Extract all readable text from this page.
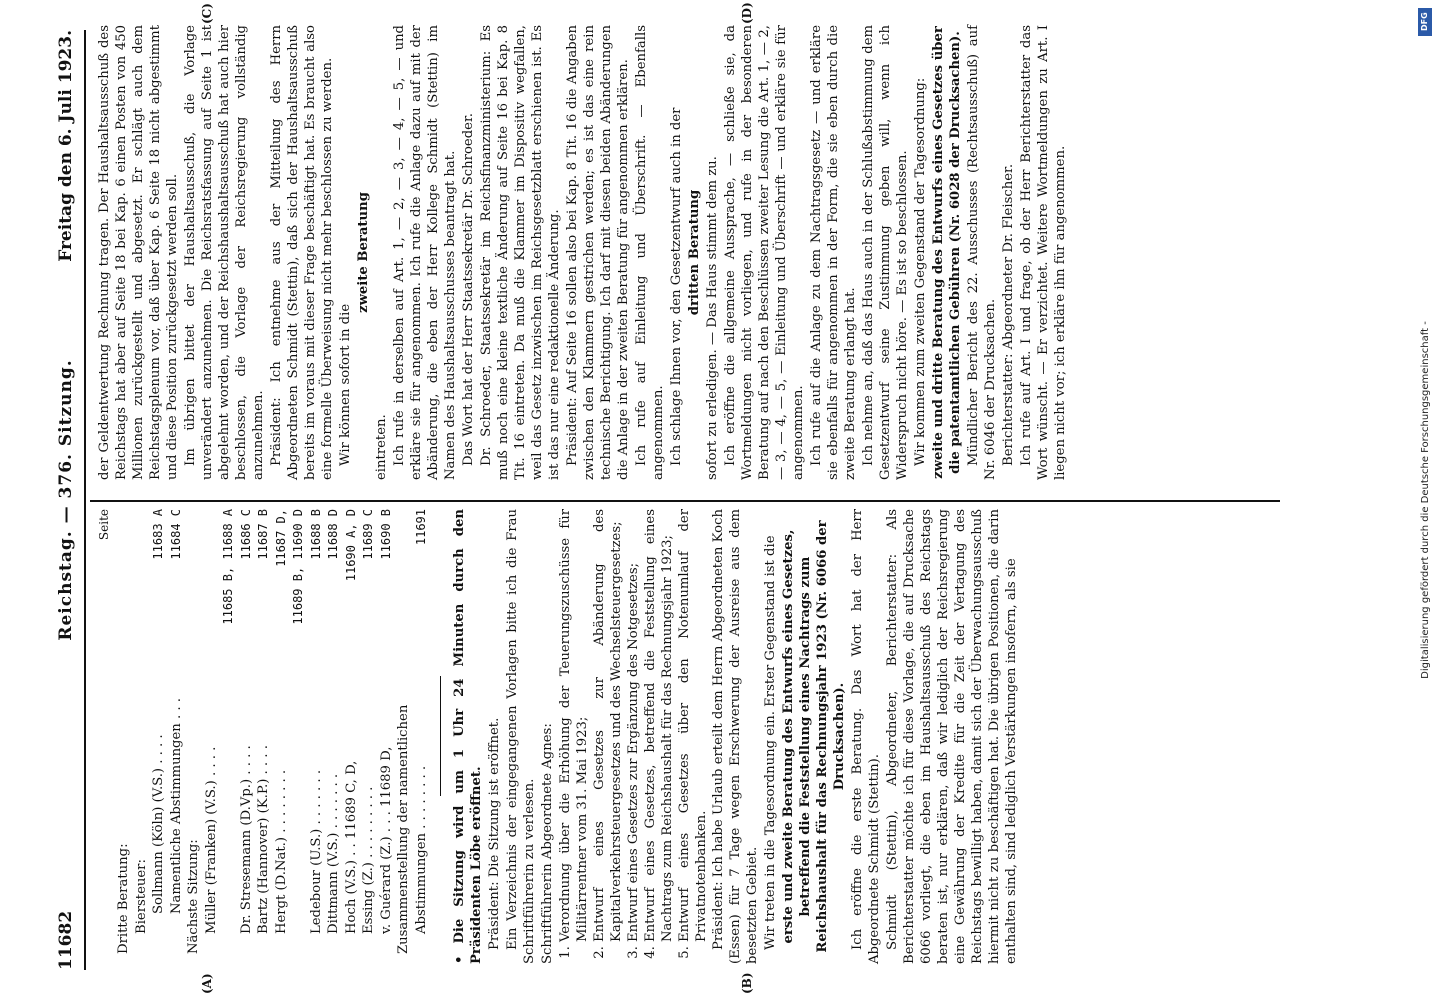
11682
Reichstag. — 376. Sitzung.
Freitag den 6. Juli 1923.
(A)	(B)
(C)	(D)
Seite
Dritte Beratung:	
Biersteuer:	
Sollmann (Köln) (V.S.) . . . .	11683 A
Namentliche Abstimmungen . . .	11684 C
Nächste Sitzung:	
Müller (Franken) (V.S.) . . . .	
	11685 B, 11688 A
Dr. Stresemann (D.Vp.) . . . .	11686 C
Bartz (Hannover) (K.P.) . . . .	11687 B
Hergt (D.Nat.) . . . . . . . .	11687 D,
	11689 B, 11690 D
Ledebour (U.S.) . . . . . . .	11688 B
Dittmann (V.S.) . . . . . . .	11688 D
Hoch (V.S.) . . 11689 C, D,	11690 A, D
Essing (Z.) . . . . . . . . .	11689 C
v. Guérard (Z.) . . . 11689 D,	11690 B
Zusammenstellung der namentlichen	
Abstimmungen . . . . . . . .	11691 • Die Sitzung wird um 1 Uhr 24 Minuten durch den Präsidenten Löbe eröffnet. Präsident: Die Sitzung ist eröffnet. Ein Verzeichnis der eingegangenen Vorlagen bitte ich die Frau Schriftführerin zu verlesen. Schriftführerin Abgeordnete Agnes: 1. Verordnung über die Erhöhung der Teuerungszuschüsse für Militärrentner vom 31. Mai 1923; 2. Entwurf eines Gesetzes zur Abänderung des Kapitalverkehrsteuergesetzes und des Wechselsteuergesetzes; 3. Entwurf eines Gesetzes zur Ergänzung des Notgesetzes; 4. Entwurf eines Gesetzes, betreffend die Feststellung eines Nachtrags zum Reichshaushalt für das Rechnungsjahr 1923; 5. Entwurf eines Gesetzes über den Notenumlauf der Privatnotenbanken. Präsident: Ich habe Urlaub erteilt dem Herrn Abgeordneten Koch (Essen) für 7 Tage wegen Erschwerung der Ausreise aus dem besetzten Gebiet. Wir treten in die Tagesordnung ein. Erster Gegenstand ist die erste und zweite Beratung des Entwurfs eines Gesetzes, betreffend die Feststellung eines Nachtrags zum Reichshaushalt für das Rechnungsjahr 1923 (Nr. 6066 der Drucksachen). Ich eröffne die erste Beratung. Das Wort hat der Herr Abgeordnete Schmidt (Stettin). Schmidt (Stettin), Abgeordneter, Berichterstatter: Als Berichterstatter möchte ich für diese Vorlage, die auf Drucksache 6066 vorliegt, die eben im Haushaltsausschuß des Reichstags beraten ist, nur erklären, daß wir lediglich der Reichsregierung eine Gewährung der Kredite für die Zeit der Vertagung des Reichstags bewilligt haben, damit sich der Überwachungsausschuß hiermit nicht zu beschäftigen hat. Die übrigen Positionen, die darin enthalten sind, sind lediglich Verstärkungen insofern, als sie

der Geldentwertung Rechnung tragen. Der Haushaltsausschuß des Reichstags hat aber auf Seite 18 bei Kap. 6 einen Posten von 450 Millionen zurückgestellt und abgesetzt. Er schlägt auch dem Reichstagsplenum vor, daß über Kap. 6 Seite 18 nicht abgestimmt und diese Position zurückgesetzt werden soll. Im übrigen bittet der Haushaltsausschuß, die Vorlage unverändert anzunehmen. Die Reichsratsfassung auf Seite 1 ist abgelehnt worden, und der Reichshaushaltsausschuß hat auch hier beschlossen, die Vorlage der Reichsregierung vollständig anzunehmen. Präsident: Ich entnehme aus der Mitteilung des Herrn Abgeordneten Schmidt (Stettin), daß sich der Haushaltsausschuß bereits im voraus mit dieser Frage beschäftigt hat. Es braucht also eine formelle Überweisung nicht mehr beschlossen zu werden. Wir können sofort in die

zweite Beratung

eintreten. Ich rufe in derselben auf Art. 1, — 2, — 3, — 4, — 5, — und erkläre sie für angenommen. Ich rufe die Anlage dazu auf mit der Abänderung, die eben der Herr Kollege Schmidt (Stettin) im Namen des Haushaltsausschusses beantragt hat. Das Wort hat der Herr Staatssekretär Dr. Schroeder. Dr. Schroeder, Staatssekretär im Reichsfinanzministerium: Es muß noch eine kleine textliche Änderung auf Seite 16 bei Kap. 8 Tit. 16 eintreten. Da muß die Klammer im Dispositiv wegfallen, weil das Gesetz inzwischen im Reichsgesetzblatt erschienen ist. Es ist das nur eine redaktionelle Änderung. Präsident: Auf Seite 16 sollen also bei Kap. 8 Tit. 16 die Angaben zwischen den Klammern gestrichen werden; es ist das eine rein technische Berichtigung. Ich darf mit diesen beiden Abänderungen die Anlage in der zweiten Beratung für angenommen erklären. Ich rufe auf Einleitung und Überschrift. — Ebenfalls angenommen. Ich schlage Ihnen vor, den Gesetzentwurf auch in der dritten Beratung sofort zu erledigen. — Das Haus stimmt dem zu. Ich eröffne die allgemeine Aussprache, — schließe sie, da Wortmeldungen nicht vorliegen, und rufe in der besonderen Beratung auf nach den Beschlüssen zweiter Lesung die Art. 1, — 2, — 3, — 4, — 5, — Einleitung und Überschrift — und erkläre sie für angenommen. Ich rufe auf die Anlage zu dem Nachtragsgesetz — und erkläre sie ebenfalls für angenommen in der Form, die sie eben durch die zweite Beratung erlangt hat. Ich nehme an, daß das Haus auch in der Schlußabstimmung dem Gesetzentwurf seine Zustimmung geben will, wenn ich Widerspruch nicht höre. — Es ist so beschlossen. Wir kommen zum zweiten Gegenstand der Tagesordnung: zweite und dritte Beratung des Entwurfs eines Gesetzes über die patentamtlichen Gebühren (Nr. 6028 der Drucksachen). Mündlicher Bericht des 22. Ausschusses (Rechtsausschuß) auf Nr. 6046 der Drucksachen. Berichterstatter: Abgeordneter Dr. Fleischer. Ich rufe auf Art. I und frage, ob der Herr Berichterstatter das Wort wünscht. — Er verzichtet. Weitere Wortmeldungen zu Art. I liegen nicht vor; ich erkläre ihn für angenommen.

Digitalisierung gefördert durch die Deutsche Forschungsgemeinschaft -
DFG
